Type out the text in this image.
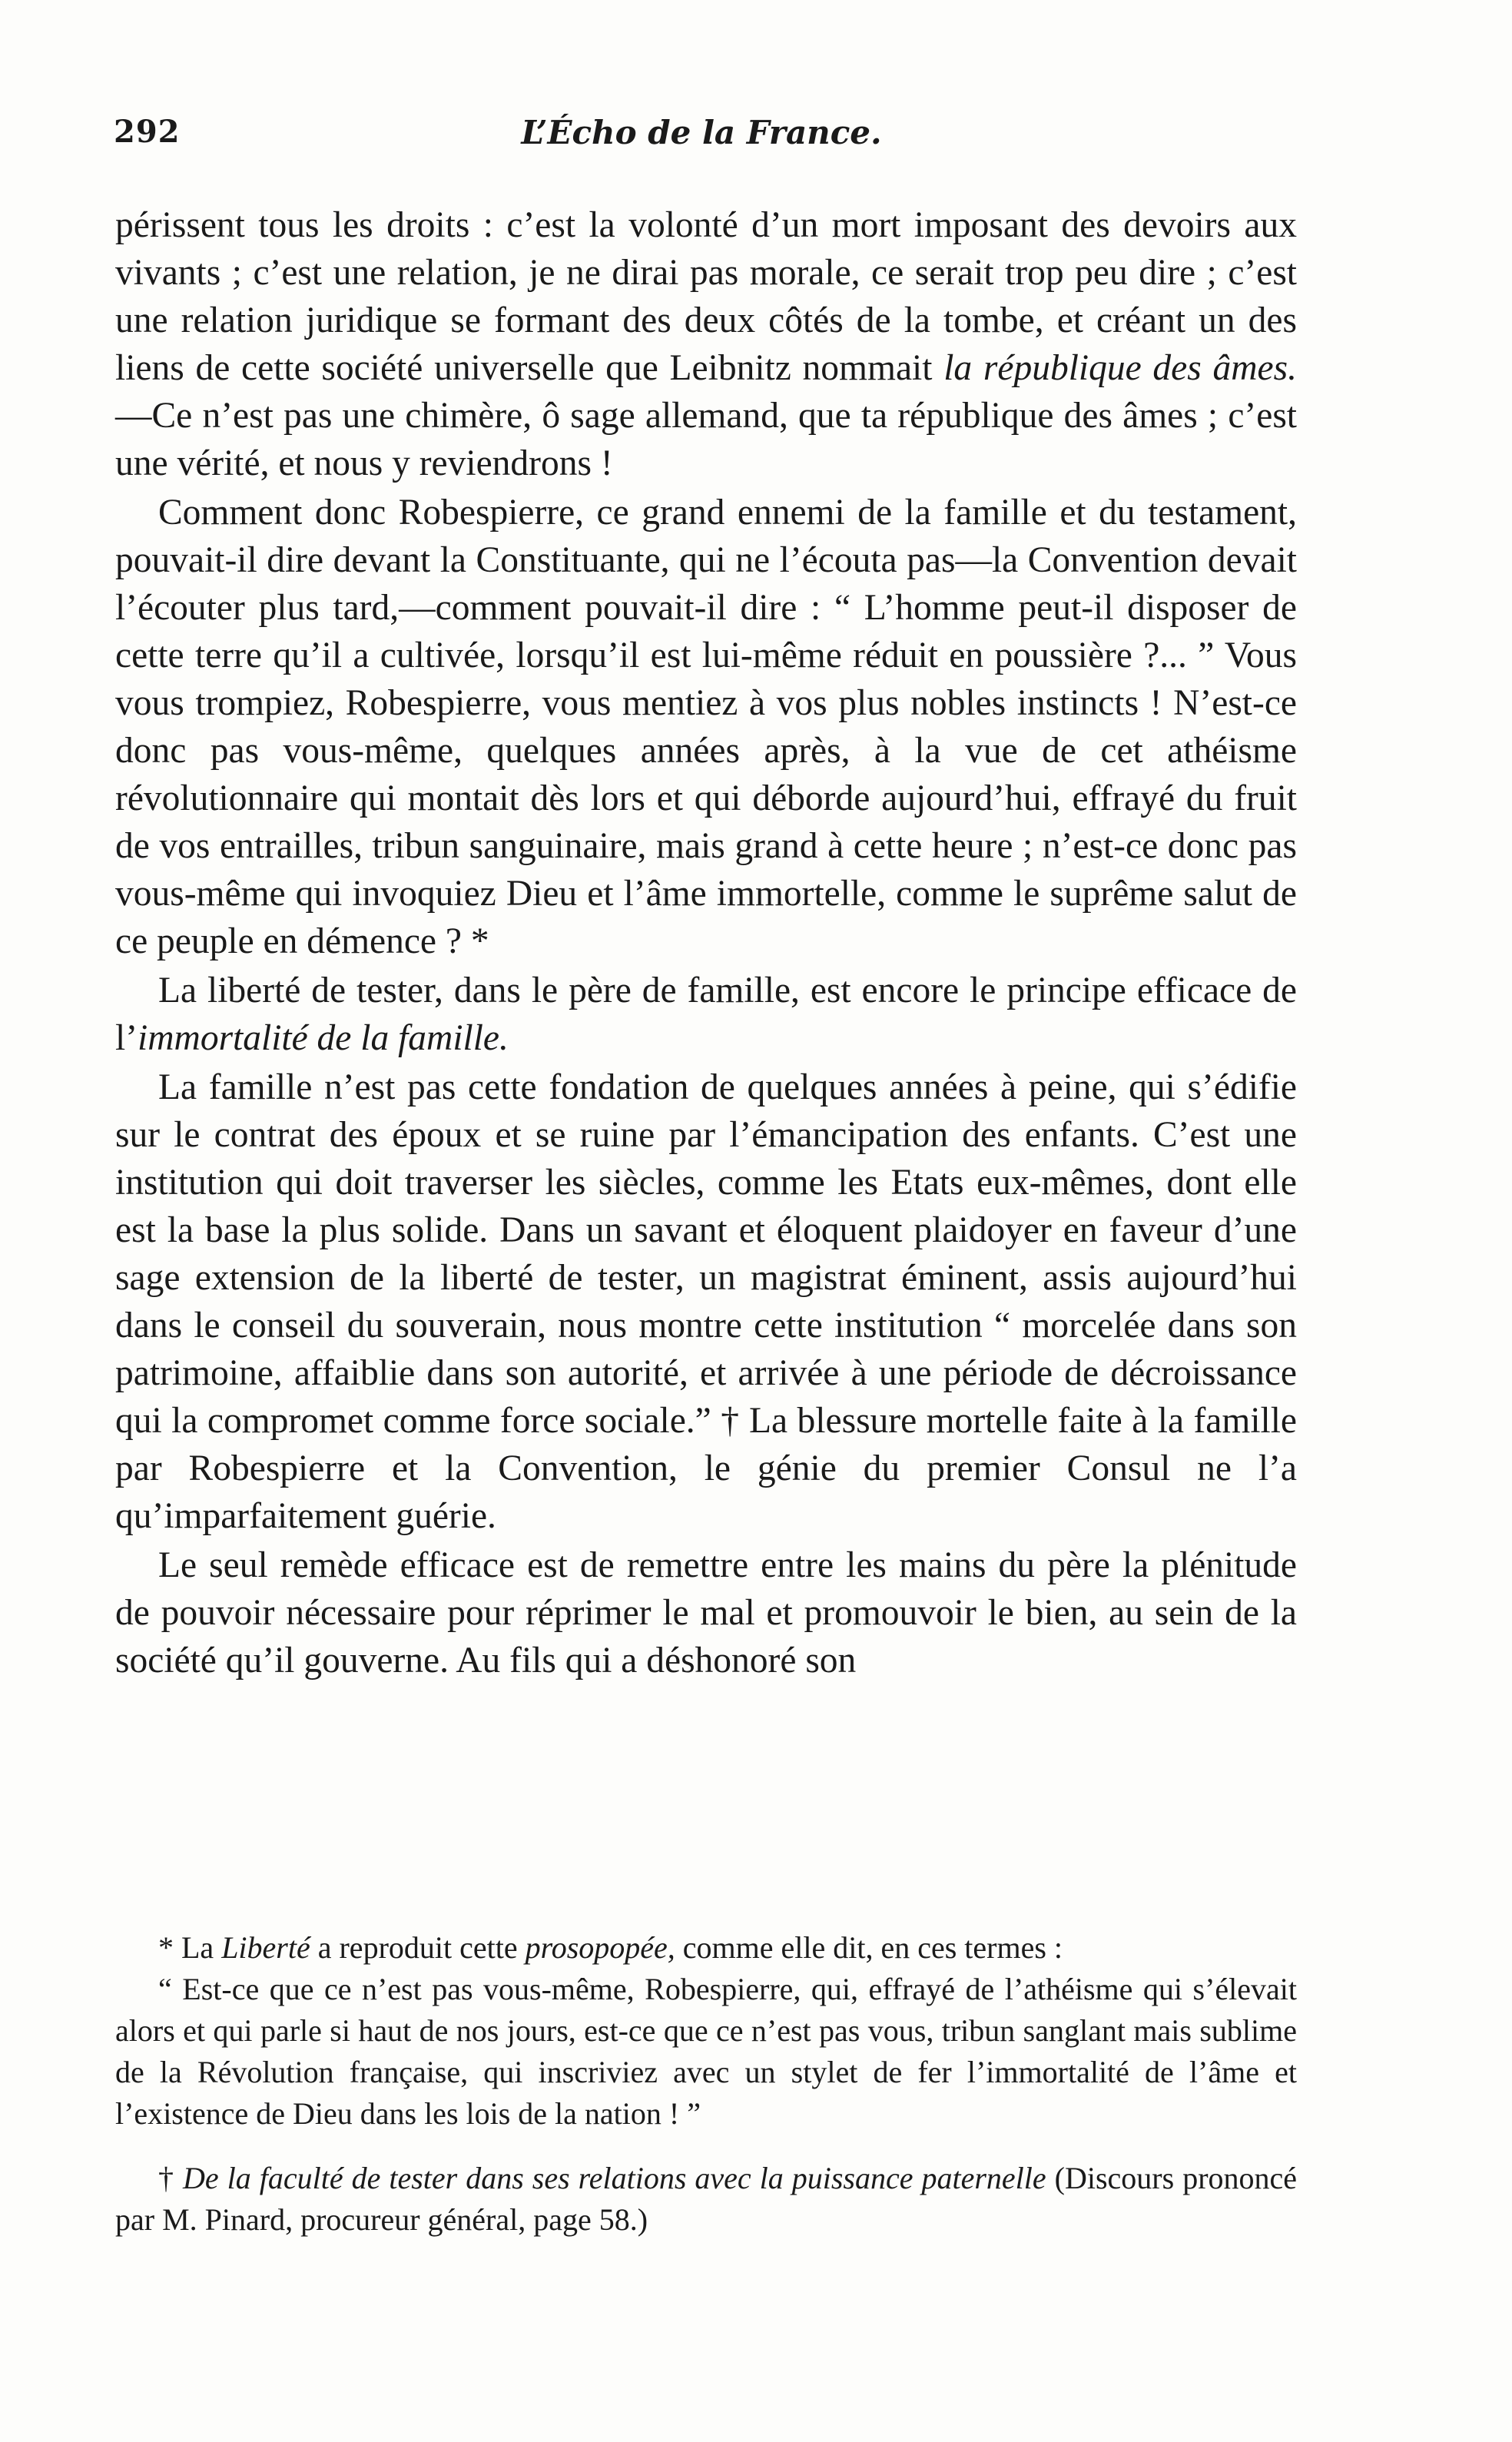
292	L’Écho de la France.

périssent tous les droits : c’est la volonté d’un mort imposant des devoirs aux vivants ; c’est une relation, je ne dirai pas morale, ce serait trop peu dire ; c’est une relation juridique se formant des deux côtés de la tombe, et créant un des liens de cette société universelle que Leibnitz nommait la république des âmes.—Ce n’est pas une chimère, ô sage allemand, que ta république des âmes ; c’est une vérité, et nous y reviendrons !

Comment donc Robespierre, ce grand ennemi de la famille et du testament, pouvait-il dire devant la Constituante, qui ne l’écouta pas—la Convention devait l’écouter plus tard,—comment pouvait-il dire : “ L’homme peut-il disposer de cette terre qu’il a cultivée, lorsqu’il est lui-même réduit en poussière ?... ” Vous vous trompiez, Robespierre, vous mentiez à vos plus nobles instincts ! N’est-ce donc pas vous-même, quelques années après, à la vue de cet athéisme révolutionnaire qui montait dès lors et qui déborde aujourd’hui, effrayé du fruit de vos entrailles, tribun sanguinaire, mais grand à cette heure ; n’est-ce donc pas vous-même qui invoquiez Dieu et l’âme immortelle, comme le suprême salut de ce peuple en démence ? *

La liberté de tester, dans le père de famille, est encore le principe efficace de l’immortalité de la famille.

La famille n’est pas cette fondation de quelques années à peine, qui s’édifie sur le contrat des époux et se ruine par l’émancipation des enfants. C’est une institution qui doit traverser les siècles, comme les Etats eux-mêmes, dont elle est la base la plus solide. Dans un savant et éloquent plaidoyer en faveur d’une sage extension de la liberté de tester, un magistrat éminent, assis aujourd’hui dans le conseil du souverain, nous montre cette institution “ morcelée dans son patrimoine, affaiblie dans son autorité, et arrivée à une période de décroissance qui la compromet comme force sociale.” † La blessure mortelle faite à la famille par Robespierre et la Convention, le génie du premier Consul ne l’a qu’imparfaitement guérie.

Le seul remède efficace est de remettre entre les mains du père la plénitude de pouvoir nécessaire pour réprimer le mal et promouvoir le bien, au sein de la société qu’il gouverne. Au fils qui a déshonoré son

* La Liberté a reproduit cette prosopopée, comme elle dit, en ces termes :

“ Est-ce que ce n’est pas vous-même, Robespierre, qui, effrayé de l’athéisme qui s’élevait alors et qui parle si haut de nos jours, est-ce que ce n’est pas vous, tribun sanglant mais sublime de la Révolution française, qui inscriviez avec un stylet de fer l’immortalité de l’âme et l’existence de Dieu dans les lois de la nation ! ”

† De la faculté de tester dans ses relations avec la puissance paternelle (Discours prononcé par M. Pinard, procureur général, page 58.)
